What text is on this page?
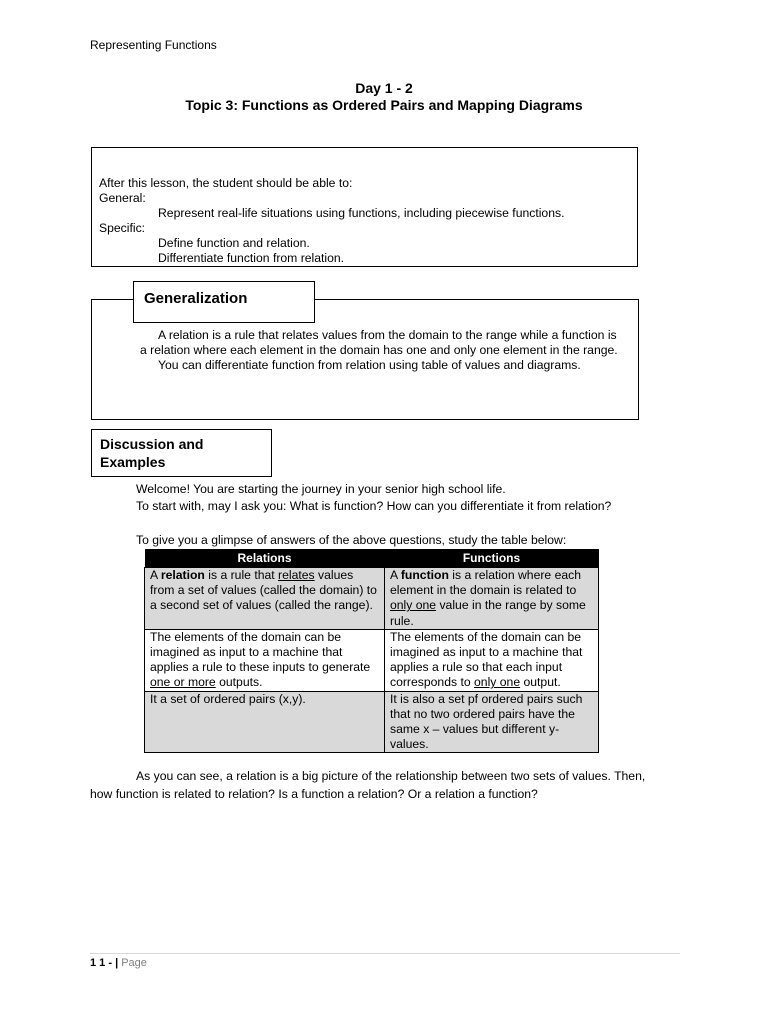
Representing Functions
Day 1 - 2
Topic 3: Functions as Ordered Pairs and Mapping Diagrams
After this lesson, the student should be able to:
General:
Represent real-life situations using functions, including piecewise functions.
Specific:
Define function and relation.
Differentiate function from relation.
Generalization
A relation is a rule that relates values from the domain to the range while a function is
a relation where each element in the domain has one and only one element in the range.
You can differentiate function from relation using table of values and diagrams.
Discussion and
Examples
Welcome! You are starting the journey in your senior high school life.
To start with, may I ask you: What is function? How can you differentiate it from relation?
To give you a glimpse of answers of the above questions, study the table below:
Relations	Functions
A relation is a rule that relates values from a set of values (called the domain) to a second set of values (called the range).	A function is a relation where each element in the domain is related to only one value in the range by some rule.
The elements of the domain can be imagined as input to a machine that applies a rule to these inputs to generate one or more outputs.	The elements of the domain can be imagined as input to a machine that applies a rule so that each input corresponds to only one output.
It a set of ordered pairs (x,y).	It is also a set pf ordered pairs such that no two ordered pairs have the same x – values but different y-values.
As you can see, a relation is a big picture of the relationship between two sets of values. Then,
how function is related to relation? Is a function a relation? Or a relation a function?
1 1 - | Page
